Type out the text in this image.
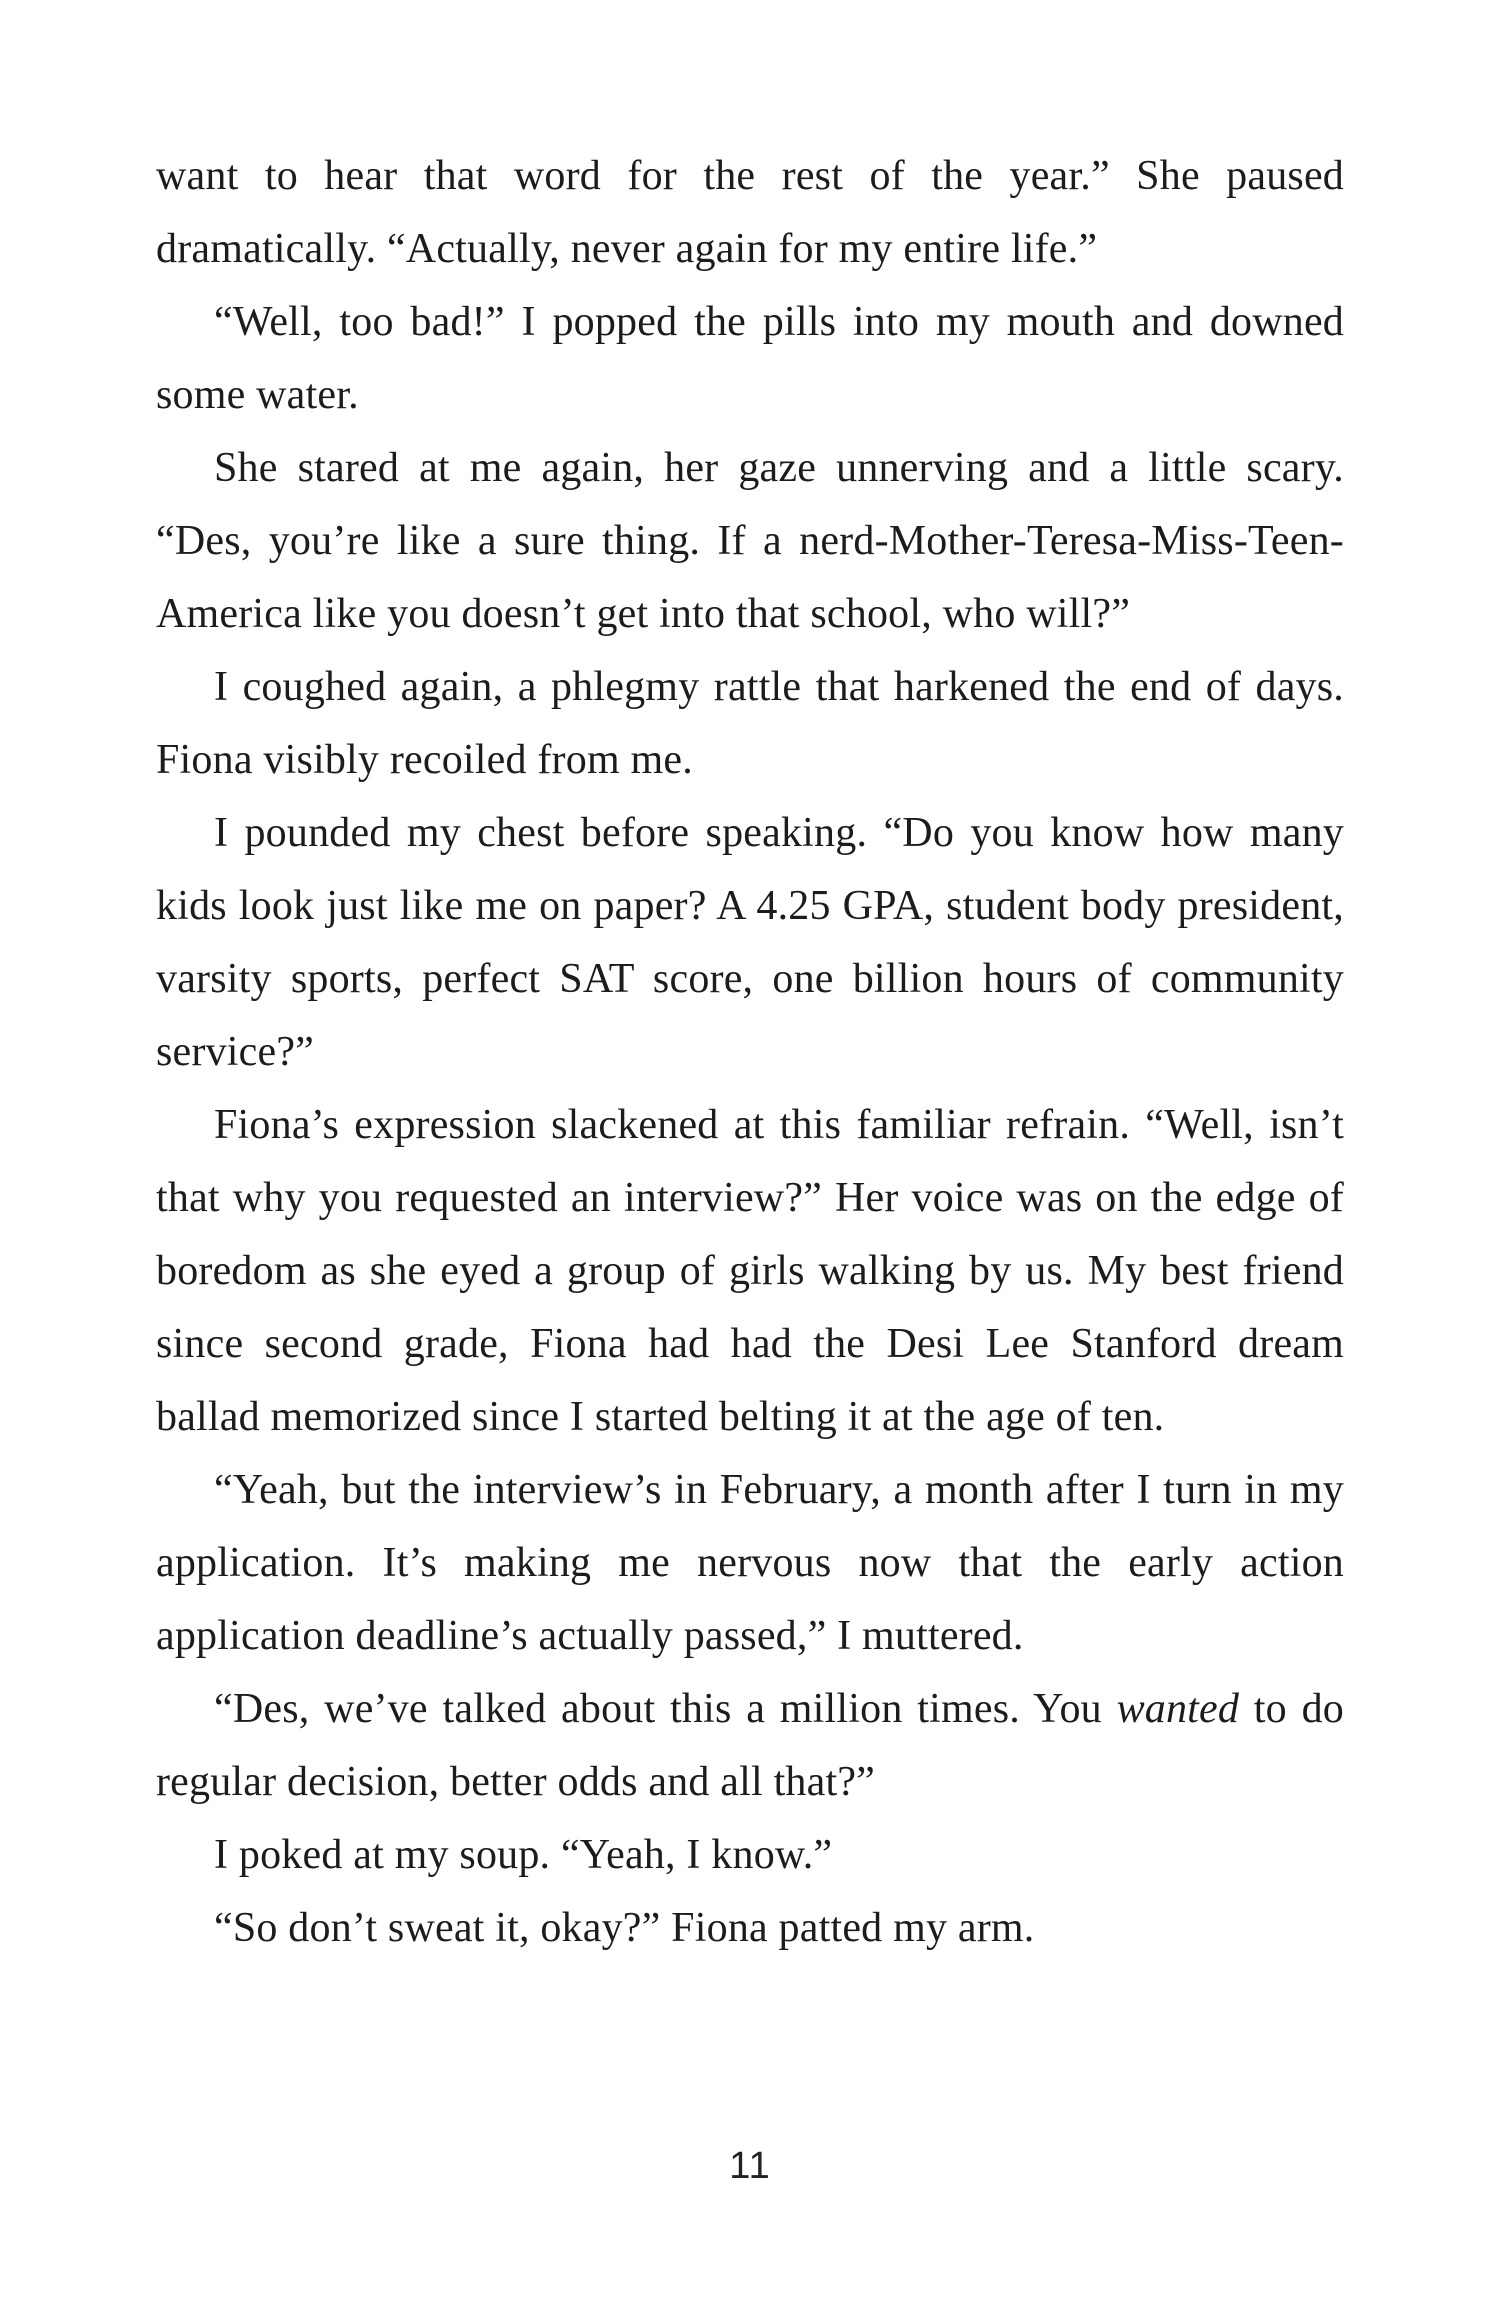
want to hear that word for the rest of the year.” She paused dramatically. “Actually, never again for my entire life.”

“Well, too bad!” I popped the pills into my mouth and downed some water.

She stared at me again, her gaze unnerving and a little scary. “Des, you’re like a sure thing. If a nerd-Mother-Teresa-Miss-Teen-America like you doesn’t get into that school, who will?”

I coughed again, a phlegmy rattle that harkened the end of days. Fiona visibly recoiled from me.

I pounded my chest before speaking. “Do you know how many kids look just like me on paper? A 4.25 GPA, student body president, varsity sports, perfect SAT score, one billion hours of community service?”

Fiona’s expression slackened at this familiar refrain. “Well, isn’t that why you requested an interview?” Her voice was on the edge of boredom as she eyed a group of girls walking by us. My best friend since second grade, Fiona had had the Desi Lee Stanford dream ballad memorized since I started belting it at the age of ten.

“Yeah, but the interview’s in February, a month after I turn in my application. It’s making me nervous now that the early action application deadline’s actually passed,” I muttered.

“Des, we’ve talked about this a million times. You wanted to do regular decision, better odds and all that?”

I poked at my soup. “Yeah, I know.”

“So don’t sweat it, okay?” Fiona patted my arm.

11
